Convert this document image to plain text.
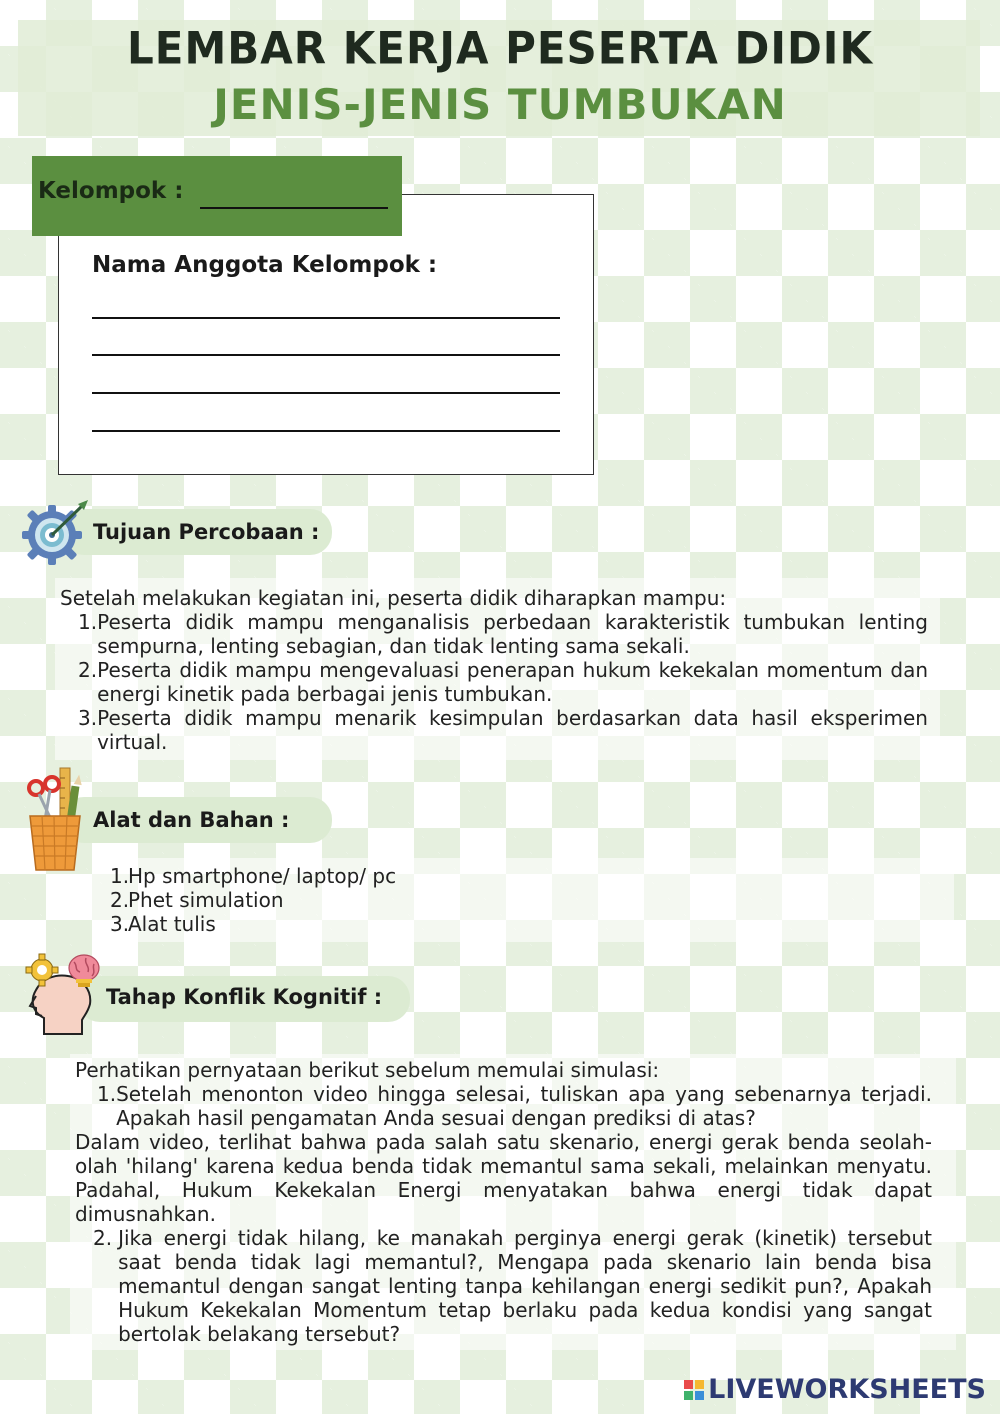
LEMBAR KERJA PESERTA DIDIK
JENIS-JENIS TUMBUKAN
Kelompok :
Nama Anggota Kelompok :
Tujuan Percobaan :
Setelah melakukan kegiatan ini, peserta didik diharapkan mampu:
1. Peserta didik mampu menganalisis perbedaan karakteristik tumbukan lenting sempurna, lenting sebagian, dan tidak lenting sama sekali.
2. Peserta didik mampu mengevaluasi penerapan hukum kekekalan momentum dan energi kinetik pada berbagai jenis tumbukan.
3. Peserta didik mampu menarik kesimpulan berdasarkan data hasil eksperimen virtual.
Alat dan Bahan :
1.
Hp smartphone/ laptop/ pc
2.
Phet simulation
3.
Alat tulis
Tahap Konflik Kognitif :
Perhatikan pernyataan berikut sebelum memulai simulasi:
1. Setelah menonton video hingga selesai, tuliskan apa yang sebenarnya terjadi. Apakah hasil pengamatan Anda sesuai dengan prediksi di atas?

Dalam video, terlihat bahwa pada salah satu skenario, energi gerak benda seolah-olah 'hilang' karena kedua benda tidak memantul sama sekali, melainkan menyatu. Padahal, Hukum Kekekalan Energi menyatakan bahwa energi tidak dapat dimusnahkan.

2. Jika energi tidak hilang, ke manakah perginya energi gerak (kinetik) tersebut saat benda tidak lagi memantul?, Mengapa pada skenario lain benda bisa memantul dengan sangat lenting tanpa kehilangan energi sedikit pun?, Apakah Hukum Kekekalan Momentum tetap berlaku pada kedua kondisi yang sangat bertolak belakang tersebut?
LIVEWORKSHEETS
